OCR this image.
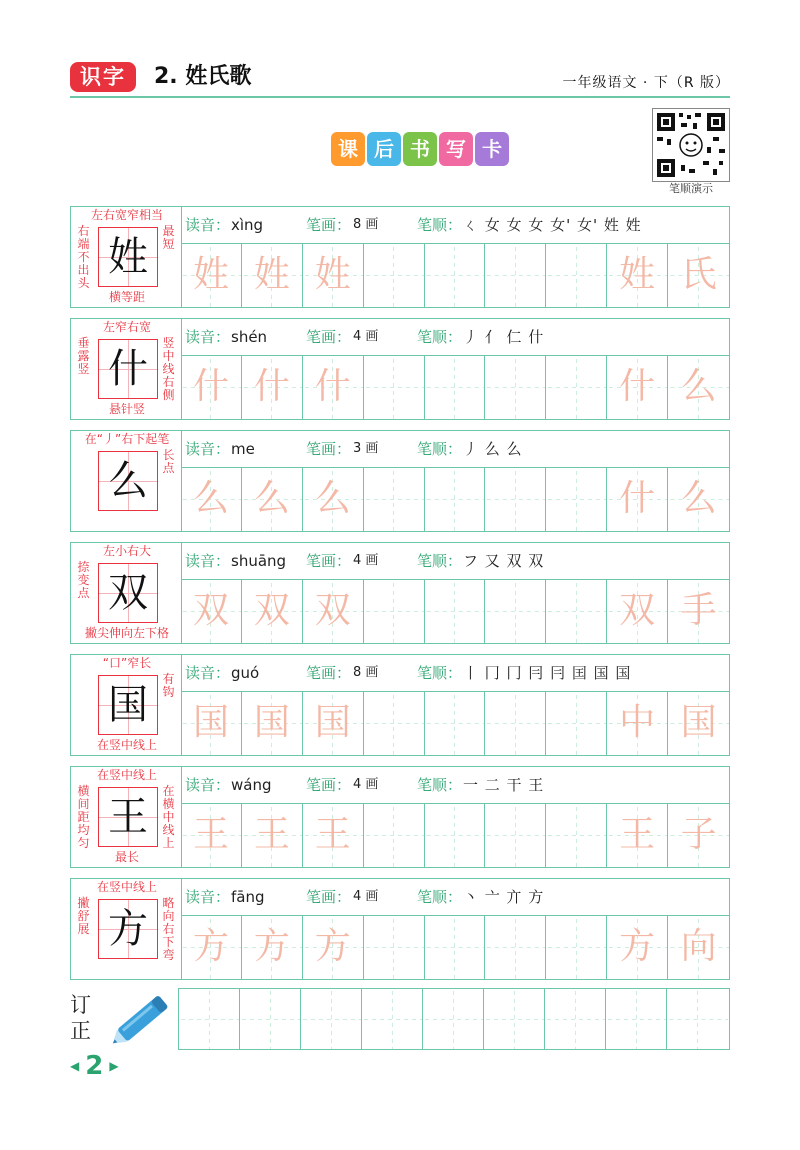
识字	2. 姓氏歌	一年级语文 · 下（R 版）
课 后 书 写 卡
笔顺演示
左右宽窄相当
右端不出头
最短
横等距
姓
读音： xìng	笔画： 8 画	笔顺： ㄑ 女 女 女 女' 女' 姓 姓
姓 姓 姓	姓 氏
左窄右宽
垂露竖
竖中线右侧
悬针竖
什
读音： shén	笔画： 4 画	笔顺： 丿 亻 仁 什
什 什 什	什 么
在“丿”右下起笔
长点
么
读音： me	笔画： 3 画	笔顺： 丿 么 么
么 么 么	什 么
左小右大
捺变点
撇尖伸向左下格
双
读音： shuāng 笔画： 4 画	笔顺： フ 又 双 双
双 双 双	双 手
“口”窄长
有钩
在竖中线上
国
读音： guó	笔画： 8 画	笔顺： 丨 冂 冂 冃 冃 囯 国 国
国 国 国	中 国
在竖中线上
横间距均匀
在横中线上
最长
王
读音： wáng 笔画： 4 画	笔顺： 一 二 干 王
王 王 王	王 子
在竖中线上
撇舒展
略向右下弯
方
读音： fāng	笔画： 4 画	笔顺： 丶 亠 亣 方
方 方 方	方 向
订正
◀ 2 ▶
